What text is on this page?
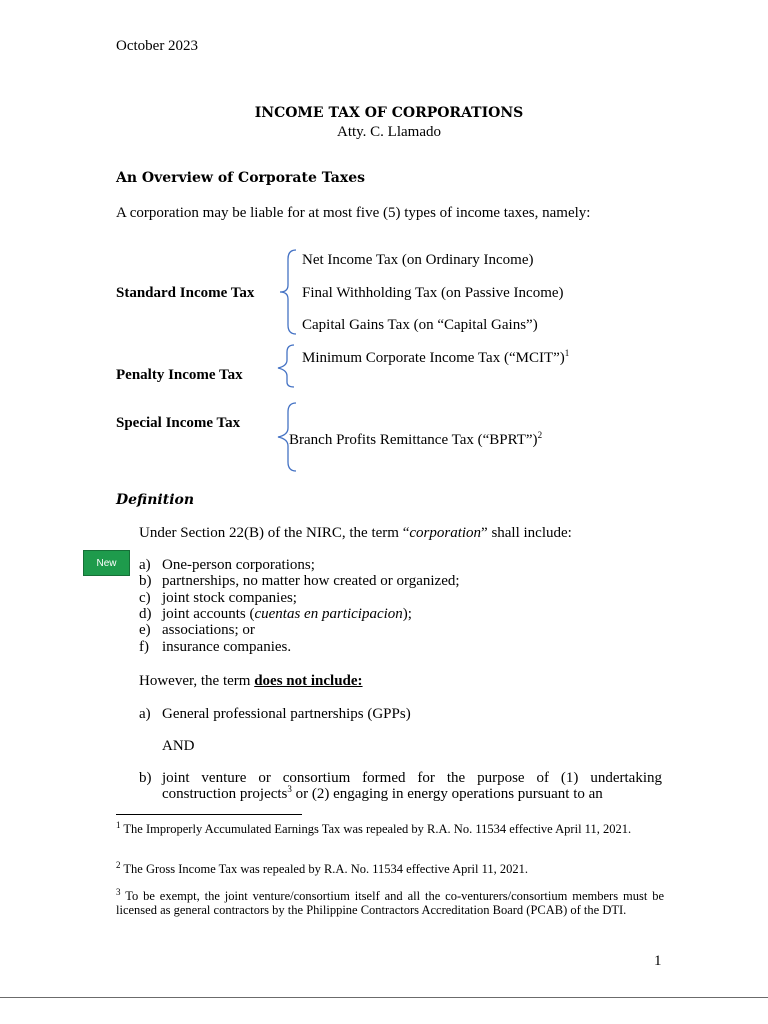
October 2023
INCOME TAX OF CORPORATIONS
Atty. C. Llamado
An Overview of Corporate Taxes
A corporation may be liable for at most five (5) types of income taxes, namely:
Standard Income Tax
Net Income Tax (on Ordinary Income)
Final Withholding Tax (on Passive Income)
Capital Gains Tax (on “Capital Gains”)
Penalty Income Tax
Minimum Corporate Income Tax (“MCIT”)$^1$
Special Income Tax
Branch Profits Remittance Tax (“BPRT”)$^2$
Definition
Under Section 22(B) of the NIRC, the term “corporation” shall include:
New	a) One-person corporations;
b) partnerships, no matter how created or organized;
c) joint stock companies;
d) joint accounts (cuentas en participacion);
e) associations; or
f) insurance companies.
However, the term does not include:
a) General professional partnerships (GPPs)
AND
b) joint venture or consortium formed for the purpose of (1) undertaking
construction projects$^3$ or (2) engaging in energy operations pursuant to an
$^1$ The Improperly Accumulated Earnings Tax was repealed by R.A. No. 11534 effective April 11, 2021.
$^2$ The Gross Income Tax was repealed by R.A. No. 11534 effective April 11, 2021.
$^3$ To be exempt, the joint venture/consortium itself and all the co-venturers/consortium members must be licensed as general contractors by the Philippine Contractors Accreditation Board (PCAB) of the DTI.
1
